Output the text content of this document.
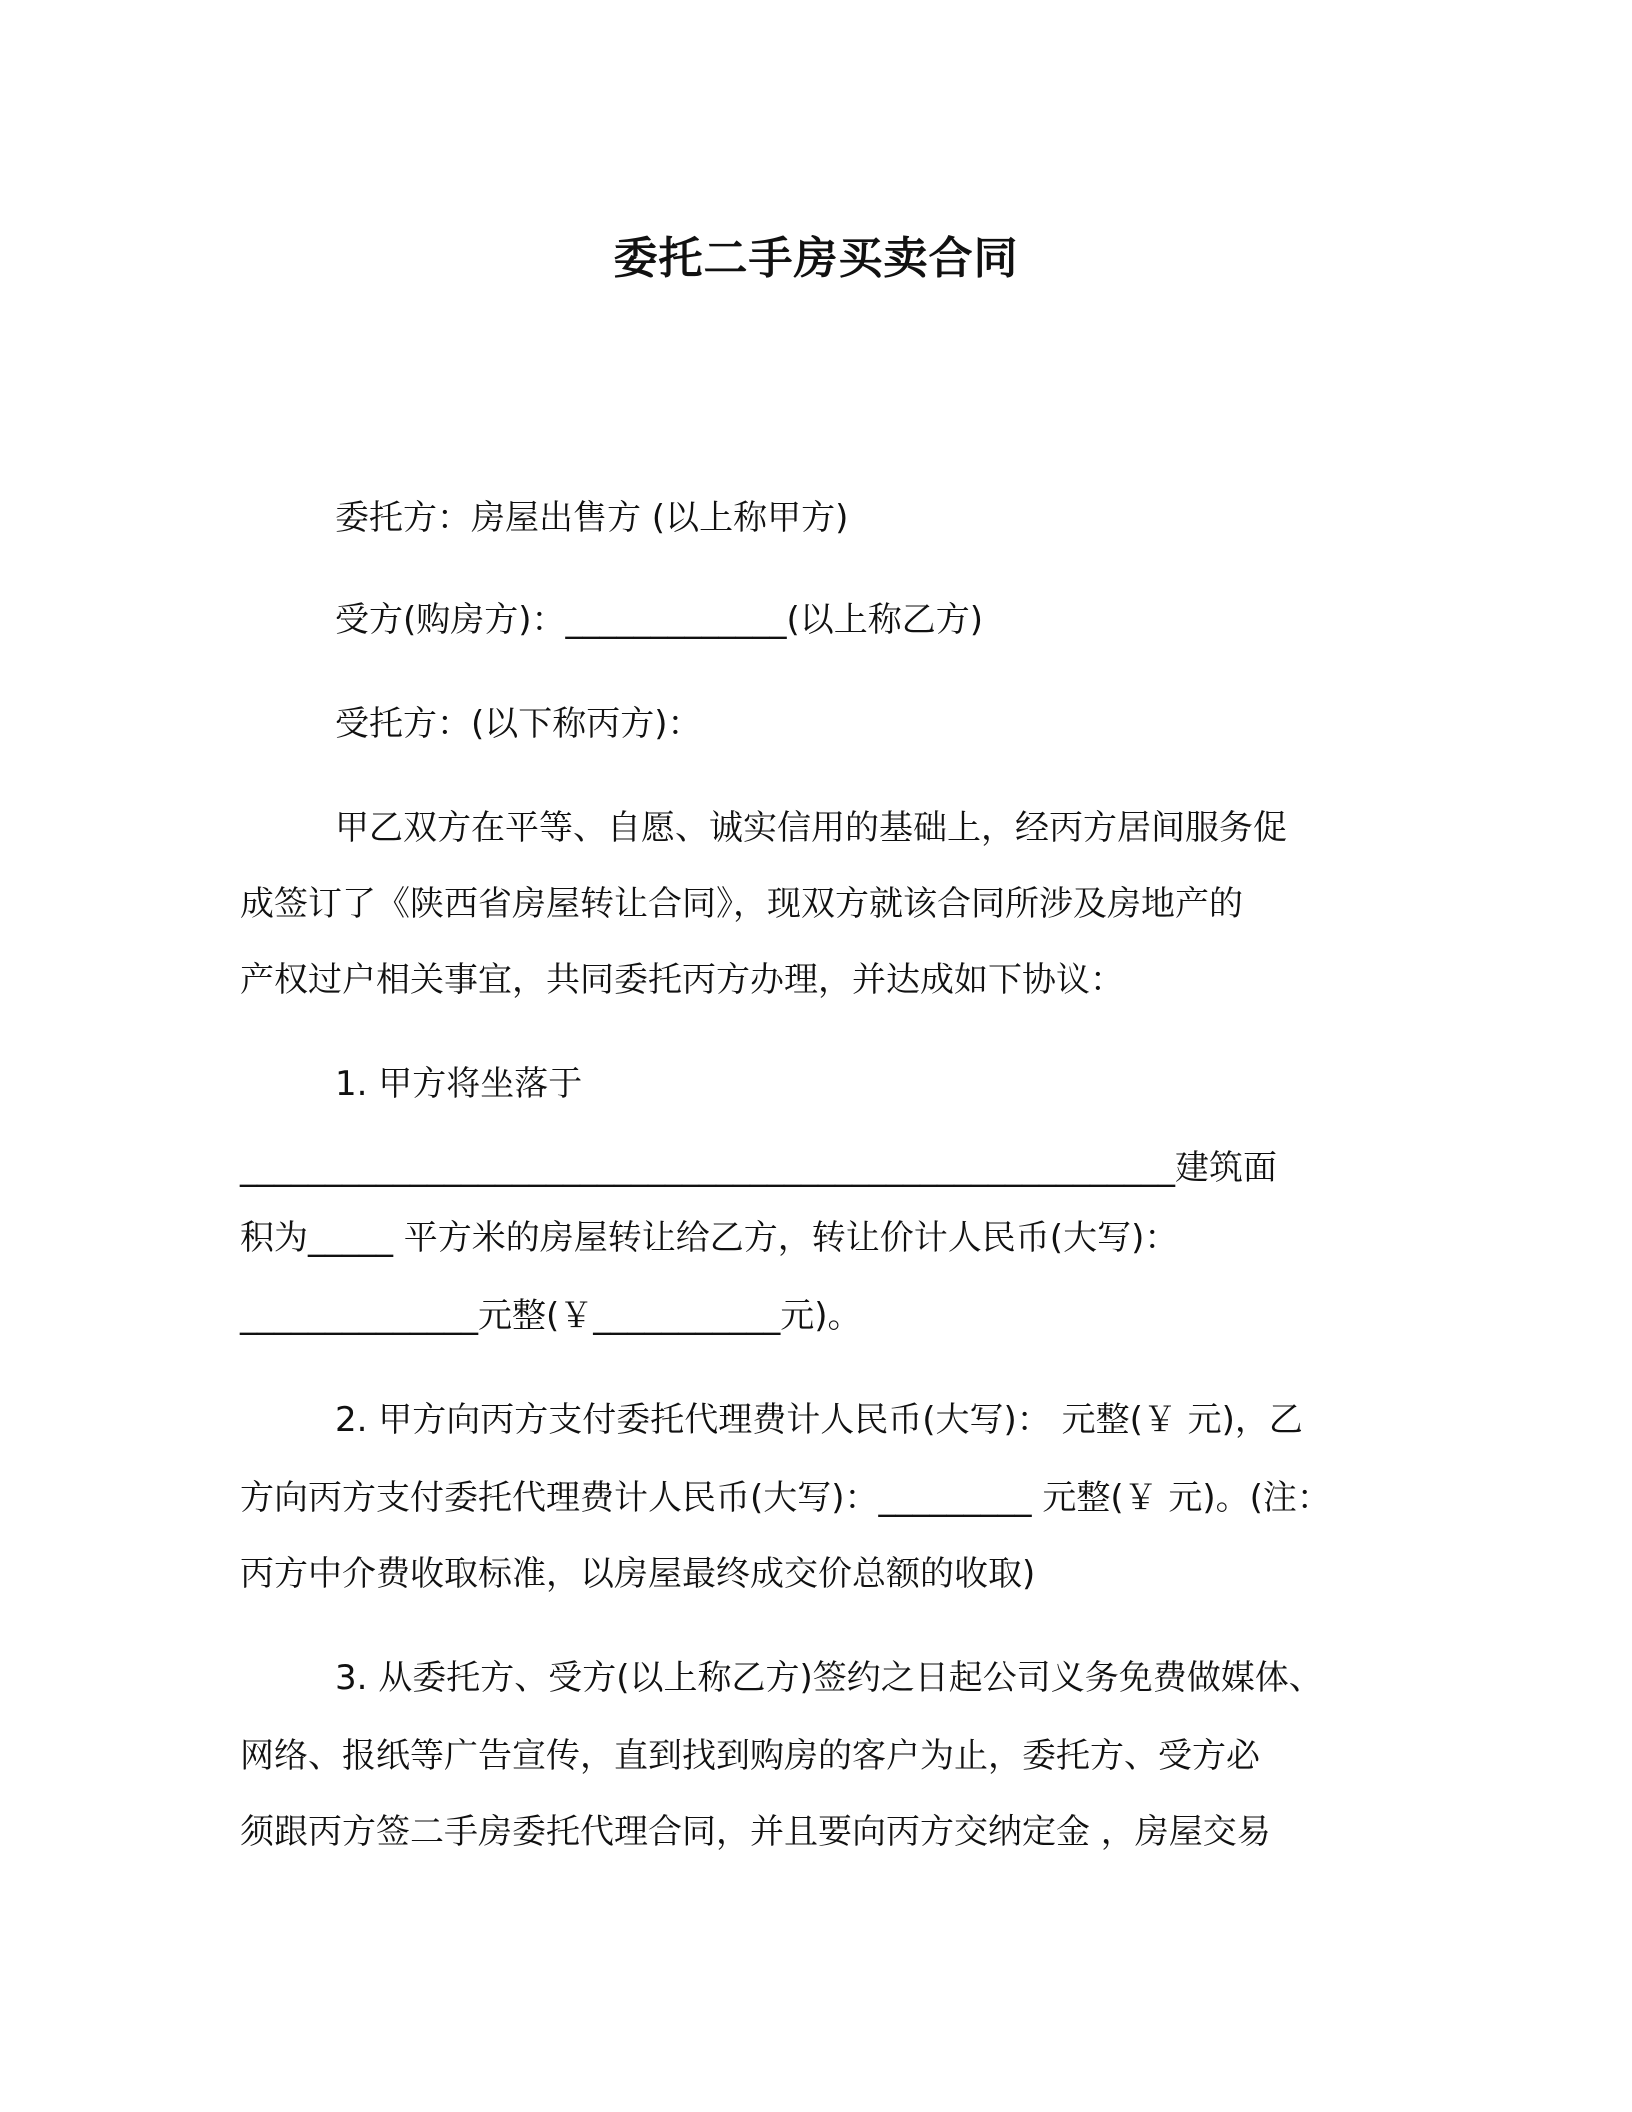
委托二手房买卖合同

委托方：房屋出售方 (以上称甲方)

受方(购房方)：_____________(以上称乙方)

受托方：(以下称丙方)：

甲乙双方在平等、自愿、诚实信用的基础上，经丙方居间服务促

成签订了《陕西省房屋转让合同》，现双方就该合同所涉及房地产的

产权过户相关事宜，共同委托丙方办理，并达成如下协议：

1. 甲方将坐落于

_______________________________________________________建筑面

积为_____ 平方米的房屋转让给乙方，转让价计人民币(大写)：

______________元整(￥___________元)。

2. 甲方向丙方支付委托代理费计人民币(大写)： 元整(￥ 元)，乙

方向丙方支付委托代理费计人民币(大写)：_________ 元整(￥ 元)。(注：

丙方中介费收取标准，以房屋最终成交价总额的收取)

3. 从委托方、受方(以上称乙方)签约之日起公司义务免费做媒体、

网络、报纸等广告宣传，直到找到购房的客户为止，委托方、受方必

须跟丙方签二手房委托代理合同，并且要向丙方交纳定金 ，房屋交易
